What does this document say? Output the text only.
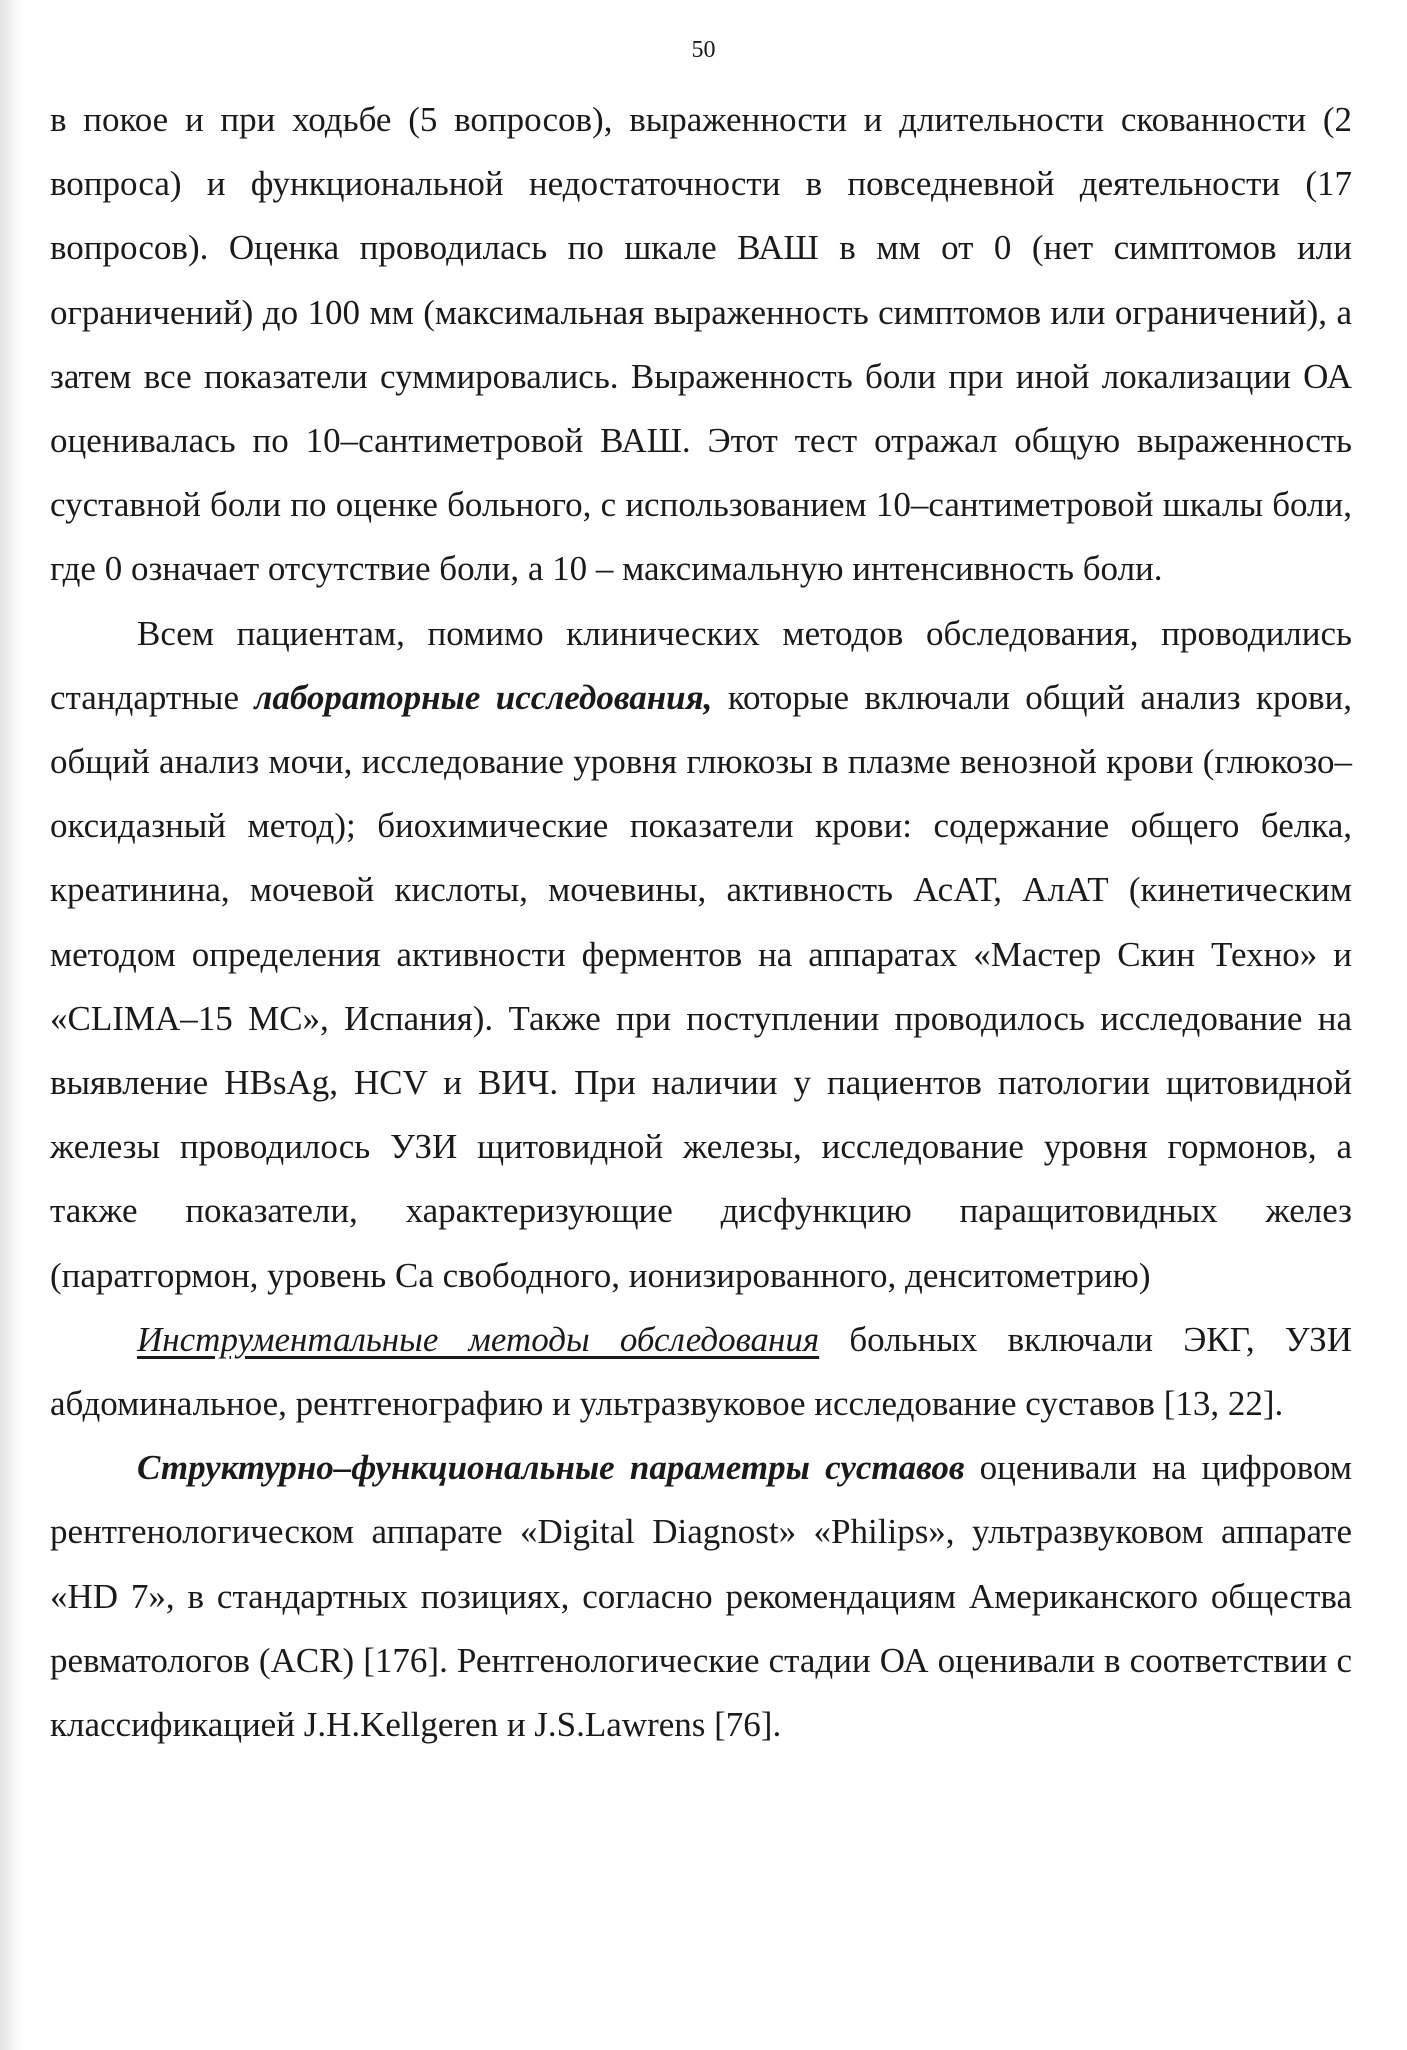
50

в покое и при ходьбе (5 вопросов), выраженности и длительности скованности (2 вопроса) и функциональной недостаточности в повседневной деятельности (17 вопросов). Оценка проводилась по шкале ВАШ в мм от 0 (нет симптомов или ограничений) до 100 мм (максимальная выраженность симптомов или ограничений), а затем все показатели суммировались. Выраженность боли при иной локализации ОА оценивалась по 10–сантиметровой ВАШ. Этот тест отражал общую выраженность суставной боли по оценке больного, с использованием 10–сантиметровой шкалы боли, где 0 означает отсутствие боли, а 10 – максимальную интенсивность боли.

Всем пациентам, помимо клинических методов обследования, проводились стандартные лабораторные исследования, которые включали общий анализ крови, общий анализ мочи, исследование уровня глюкозы в плазме венозной крови (глюкозо–оксидазный метод); биохимические показатели крови: содержание общего белка, креатинина, мочевой кислоты, мочевины, активность АсАТ, АлАТ (кинетическим методом определения активности ферментов на аппаратах «Мастер Скин Техно» и «CLIMA–15 МС», Испания). Также при поступлении проводилось исследование на выявление HBsAg, HCV и ВИЧ. При наличии у пациентов патологии щитовидной железы проводилось УЗИ щитовидной железы, исследование уровня гормонов, а также показатели, характеризующие дисфункцию паращитовидных желез (паратгормон, уровень Са свободного, ионизированного, денситометрию)

Инструментальные методы обследования больных включали ЭКГ, УЗИ абдоминальное, рентгенографию и ультразвуковое исследование суставов [13, 22].

Структурно–функциональные параметры суставов оценивали на цифровом рентгенологическом аппарате «Digital Diagnost» «Philips», ультразвуковом аппарате «HD 7», в стандартных позициях, согласно рекомендациям Американского общества ревматологов (ACR) [176]. Рентгенологические стадии ОА оценивали в соответствии с классификацией J.H.Kellgeren и J.S.Lawrens [76].
